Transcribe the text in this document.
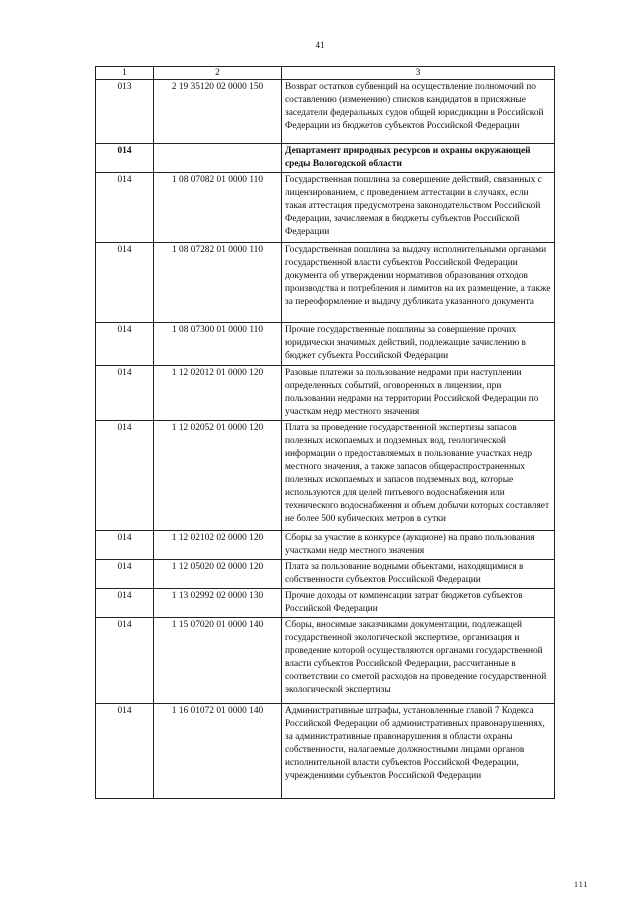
41
1	2	3
013	2 19 35120 02 0000 150	Возврат остатков субвенций на осуществление полномочий по составлению (изменению) списков кандидатов в присяжные заседатели федеральных судов общей юрисдикции в Российской Федерации из бюджетов субъектов Российской Федерации
014		Департамент природных ресурсов и охраны окружающей среды Вологодской области
014	1 08 07082 01 0000 110	Государственная пошлина за совершение действий, связанных с лицензированием, с проведением аттестации в случаях, если такая аттестация предусмотрена законодательством Российской Федерации, зачисляемая в бюджеты субъектов Российской Федерации
014	1 08 07282 01 0000 110	Государственная пошлина за выдачу исполнительными органами государственной власти субъектов Российской Федерации документа об утверждении нормативов образования отходов производства и потребления и лимитов на их размещение, а также за переоформление и выдачу дубликата указанного документа
014	1 08 07300 01 0000 110	Прочие государственные пошлины за совершение прочих юридически значимых действий, подлежащие зачислению в бюджет субъекта Российской Федерации
014	1 12 02012 01 0000 120	Разовые платежи за пользование недрами при наступлении определенных событий, оговоренных в лицензии, при пользовании недрами на территории Российской Федерации по участкам недр местного значения
014	1 12 02052 01 0000 120	Плата за проведение государственной экспертизы запасов полезных ископаемых и подземных вод, геологической информации о предоставляемых в пользование участках недр местного значения, а также запасов общераспространенных полезных ископаемых и запасов подземных вод, которые используются для целей питьевого водоснабжения или технического водоснабжения и объем добычи которых составляет не более 500 кубических метров в сутки
014	1 12 02102 02 0000 120	Сборы за участие в конкурсе (аукционе) на право пользования участками недр местного значения
014	1 12 05020 02 0000 120	Плата за пользование водными объектами, находящимися в собственности субъектов Российской Федерации
014	1 13 02992 02 0000 130	Прочие доходы от компенсации затрат бюджетов субъектов Российской Федерации
014	1 15 07020 01 0000 140	Сборы, вносимые заказчиками документации, подлежащей государственной экологической экспертизе, организация и проведение которой осуществляются органами государственной власти субъектов Российской Федерации, рассчитанные в соответствии со сметой расходов на проведение государственной экологической экспертизы
014	1 16 01072 01 0000 140	Административные штрафы, установленные главой 7 Кодекса Российской Федерации об административных правонарушениях, за административные правонарушения в области охраны собственности, налагаемые должностными лицами органов исполнительной власти субъектов Российской Федерации, учреждениями субъектов Российской Федерации
111
